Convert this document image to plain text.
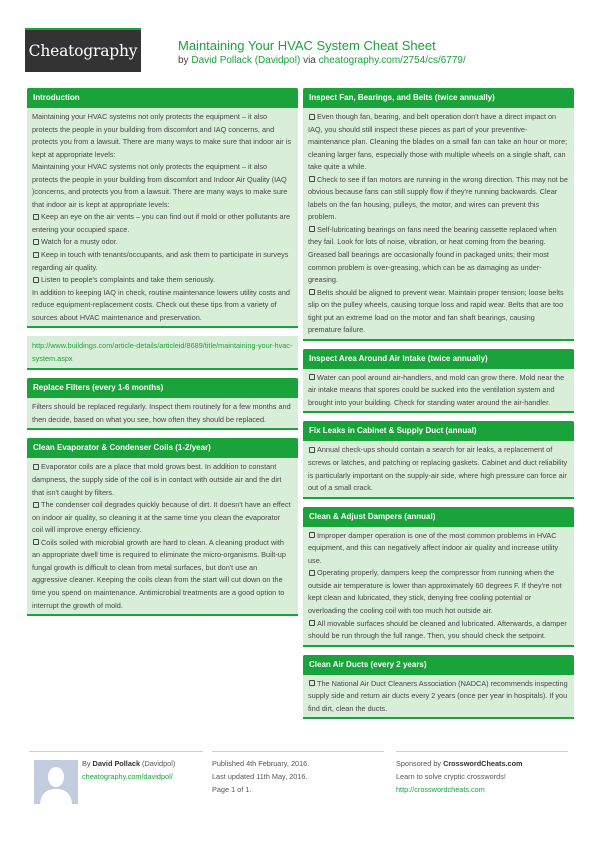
Cheatography	Maintaining Your HVAC System Cheat Sheet
by David Pollack (Davidpol) via cheatography.com/2754/cs/6779/
Introduction

Maintaining your HVAC systems not only protects the equipment – it also protects the people in your building from discomfort and IAQ concerns, and protects you from a lawsuit. There are many ways to make sure that indoor air is kept at appropriate levels:

Maintaining your HVAC systems not only protects the equipment – it also protects the people in your building from discomfort and Indoor Air Quality (IAQ )concerns, and protects you from a lawsuit. There are many ways to make sure that indoor air is kept at appropriate levels:

Keep an eye on the air vents – you can find out if mold or other pollutants are entering your occupied space.

Watch for a musty odor.

Keep in touch with tenants/occupants, and ask them to participate in surveys regarding air quality.

Listen to people's complaints and take them seriously.

In addition to keeping IAQ in check, routine maintenance lowers utility costs and reduce equipment-replacement costs. Check out these tips from a variety of sources about HVAC maintenance and preservation.

http://www.buildings.com/article-details/articleid/8689/title/maintaining-your-hvac-system.aspx
Replace Filters (every 1-6 months)

Filters should be replaced regularly. Inspect them routinely for a few months and then decide, based on what you see, how often they should be replaced.

Clean Evaporator & Condenser Coils (1-2/year)

Evaporator coils are a place that mold grows best. In addition to constant dampness, the supply side of the coil is in contact with outside air and the dirt that isn't caught by filters.

The condenser coil degrades quickly because of dirt. It doesn't have an effect on indoor air quality, so cleaning it at the same time you clean the evaporator coil will improve energy efficiency.

Coils soiled with microbial growth are hard to clean. A cleaning product with an appropriate dwell time is required to eliminate the micro-organisms. Built-up fungal growth is difficult to clean from metal surfaces, but don't use an aggressive cleaner. Keeping the coils clean from the start will cut down on the time you spend on maintenance. Antimicrobial treatments are a good option to interrupt the growth of mold.

Inspect Fan, Bearings, and Belts (twice annually)

Even though fan, bearing, and belt operation don't have a direct impact on IAQ, you should still inspect these pieces as part of your preventive-maintenance plan. Cleaning the blades on a small fan can take an hour or more; cleaning larger fans, especially those with multiple wheels on a single shaft, can take quite a while.

Check to see if fan motors are running in the wrong direction. This may not be obvious because fans can still supply flow if they're running backwards. Clear labels on the fan housing, pulleys, the motor, and wires can prevent this problem.

Self-lubricating bearings on fans need the bearing cassette replaced when they fail. Look for lots of noise, vibration, or heat coming from the bearing. Greased ball bearings are occasionally found in packaged units; their most common problem is over-greasing, which can be as damaging as under-greasing.

Belts should be aligned to prevent wear. Maintain proper tension; loose belts slip on the pulley wheels, causing torque loss and rapid wear. Belts that are too tight put an extreme load on the motor and fan shaft bearings, causing premature failure.

Inspect Area Around Air Intake (twice annually)

Water can pool around air-handlers, and mold can grow there. Mold near the air intake means that spores could be sucked into the ventilation system and brought into your building. Check for standing water around the air-handler.

Fix Leaks in Cabinet & Supply Duct (annual)

Annual check-ups should contain a search for air leaks, a replacement of screws or latches, and patching or replacing gaskets. Cabinet and duct reliability is particularly important on the supply-air side, where high pressure can force air out of a small crack.

Clean & Adjust Dampers (annual)

Improper damper operation is one of the most common problems in HVAC equipment, and this can negatively affect indoor air quality and increase utility use.

Operating properly, dampers keep the compressor from running when the outside air temperature is lower than approximately 60 degrees F. If they're not kept clean and lubricated, they stick, denying free cooling potential or overloading the cooling coil with too much hot outside air.

All movable surfaces should be cleaned and lubricated. Afterwards, a damper should be run through the full range. Then, you should check the setpoint.

Clean Air Ducts (every 2 years)

The National Air Duct Cleaners Association (NADCA) recommends inspecting supply side and return air ducts every 2 years (once per year in hospitals). If you find dirt, clean the ducts.

By David Pollack (Davidpol)
cheatography.com/davidpol/
Published 4th February, 2016.
Last updated 11th May, 2016.
Page 1 of 1.
Sponsored by CrosswordCheats.com
Learn to solve cryptic crosswords!
http://crosswordcheats.com
